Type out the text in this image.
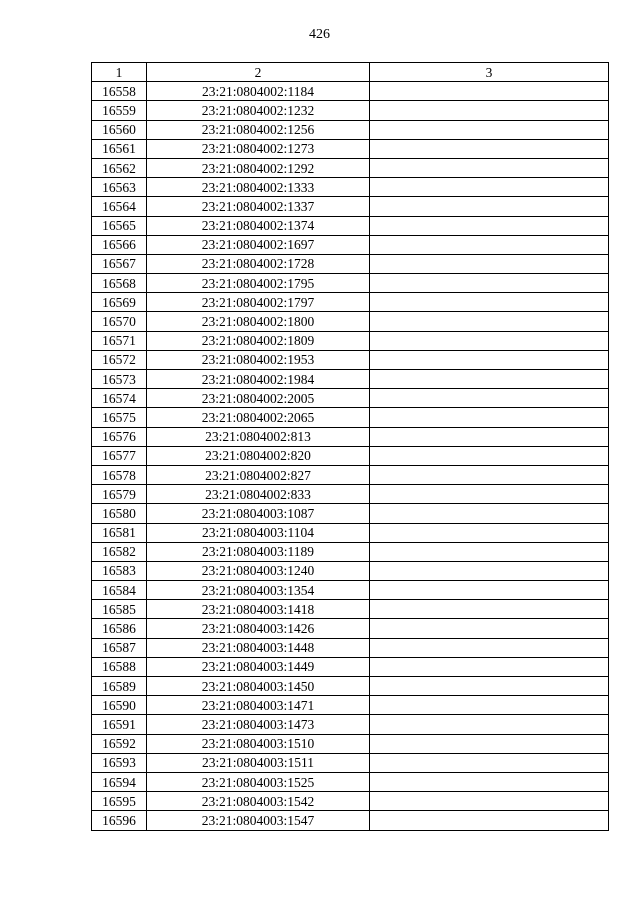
426
1	2	3
16558	23:21:0804002:1184	
16559	23:21:0804002:1232	
16560	23:21:0804002:1256	
16561	23:21:0804002:1273	
16562	23:21:0804002:1292	
16563	23:21:0804002:1333	
16564	23:21:0804002:1337	
16565	23:21:0804002:1374	
16566	23:21:0804002:1697	
16567	23:21:0804002:1728	
16568	23:21:0804002:1795	
16569	23:21:0804002:1797	
16570	23:21:0804002:1800	
16571	23:21:0804002:1809	
16572	23:21:0804002:1953	
16573	23:21:0804002:1984	
16574	23:21:0804002:2005	
16575	23:21:0804002:2065	
16576	23:21:0804002:813	
16577	23:21:0804002:820	
16578	23:21:0804002:827	
16579	23:21:0804002:833	
16580	23:21:0804003:1087	
16581	23:21:0804003:1104	
16582	23:21:0804003:1189	
16583	23:21:0804003:1240	
16584	23:21:0804003:1354	
16585	23:21:0804003:1418	
16586	23:21:0804003:1426	
16587	23:21:0804003:1448	
16588	23:21:0804003:1449	
16589	23:21:0804003:1450	
16590	23:21:0804003:1471	
16591	23:21:0804003:1473	
16592	23:21:0804003:1510	
16593	23:21:0804003:1511	
16594	23:21:0804003:1525	
16595	23:21:0804003:1542	
16596	23:21:0804003:1547	
